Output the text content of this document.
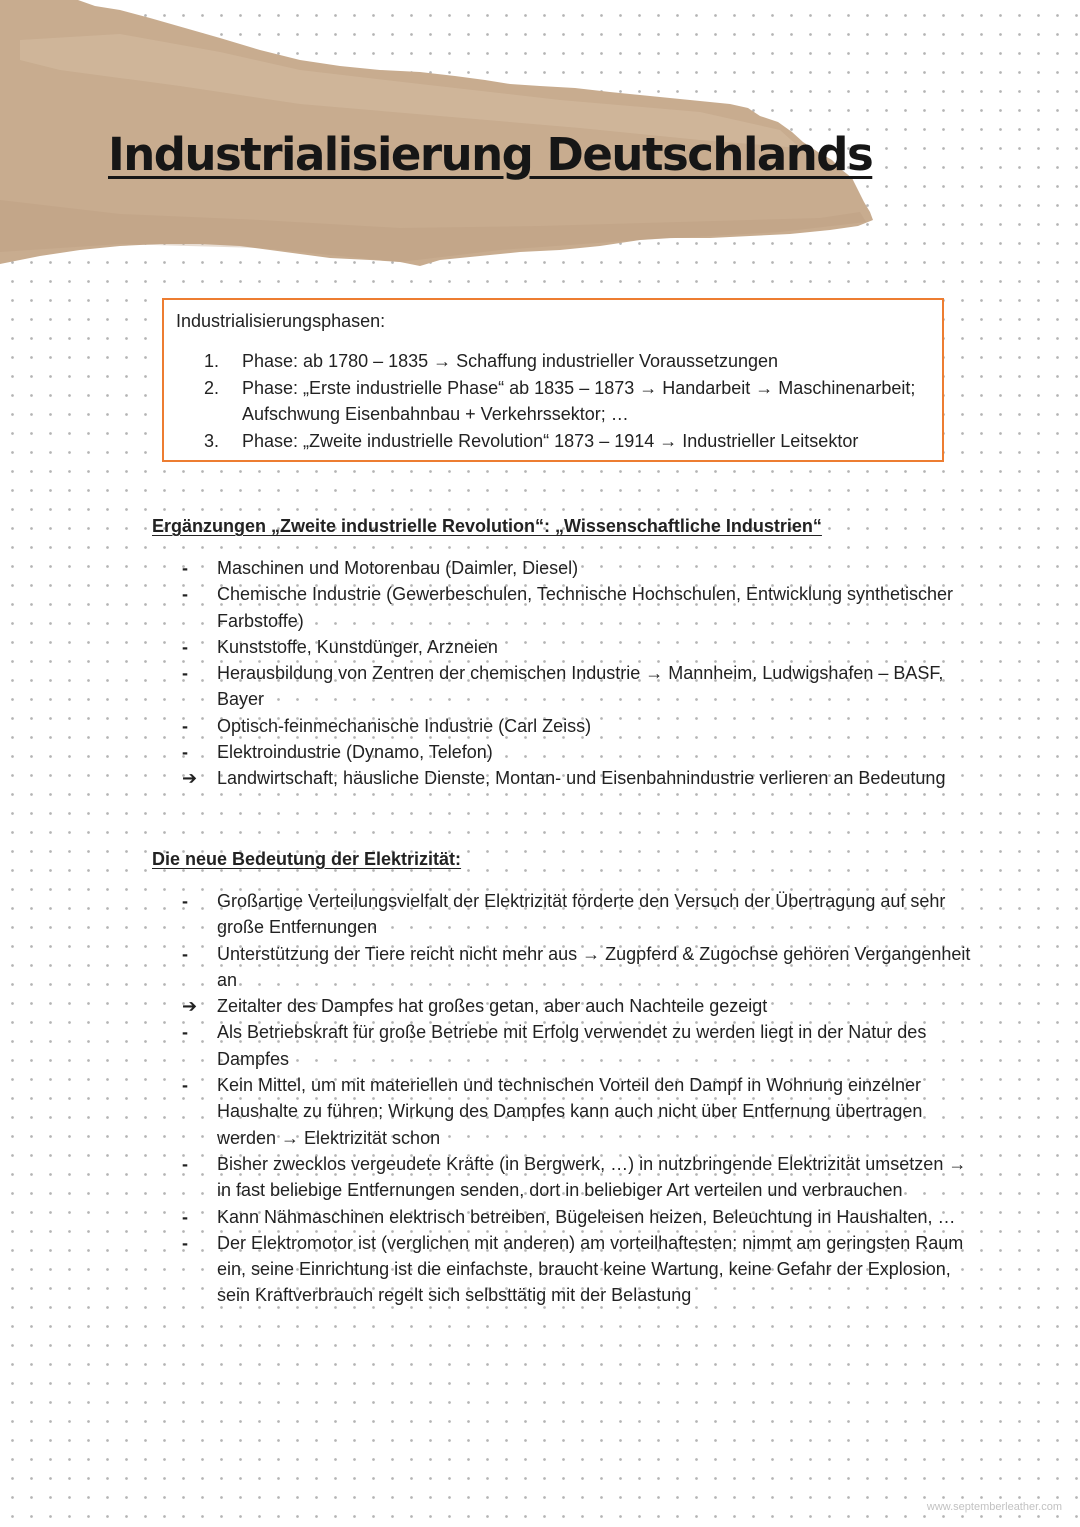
Industrialisierung Deutschlands
Industrialisierungsphasen:
1.	Phase: ab 1780 – 1835 → Schaffung industrieller Voraussetzungen
2.	Phase: „Erste industrielle Phase“ ab 1835 – 1873 → Handarbeit → Maschinenarbeit; Aufschwung Eisenbahnbau + Verkehrssektor; …
3.	Phase: „Zweite industrielle Revolution“ 1873 – 1914 → Industrieller Leitsektor
Ergänzungen „Zweite industrielle Revolution“: „Wissenschaftliche Industrien“
-	Maschinen und Motorenbau (Daimler, Diesel)
-	Chemische Industrie (Gewerbeschulen, Technische Hochschulen, Entwicklung synthetischer Farbstoffe)
-	Kunststoffe, Kunstdünger, Arzneien
-	Herausbildung von Zentren der chemischen Industrie → Mannheim, Ludwigshafen – BASF, Bayer
-	Optisch-feinmechanische Industrie (Carl Zeiss)
-	Elektroindustrie (Dynamo, Telefon)
➔	Landwirtschaft, häusliche Dienste, Montan- und Eisenbahnindustrie verlieren an Bedeutung
Die neue Bedeutung der Elektrizität:
-	Großartige Verteilungsvielfalt der Elektrizität förderte den Versuch der Übertragung auf sehr große Entfernungen
-	Unterstützung der Tiere reicht nicht mehr aus → Zugpferd & Zugochse gehören Vergangenheit an
➔	Zeitalter des Dampfes hat großes getan, aber auch Nachteile gezeigt
-	Als Betriebskraft für große Betriebe mit Erfolg verwendet zu werden liegt in der Natur des Dampfes
-	Kein Mittel, um mit materiellen und technischen Vorteil den Dampf in Wohnung einzelner Haushalte zu führen; Wirkung des Dampfes kann auch nicht über Entfernung übertragen werden → Elektrizität schon
-	Bisher zwecklos vergeudete Kräfte (in Bergwerk, …) in nutzbringende Elektrizität umsetzen → in fast beliebige Entfernungen senden, dort in beliebiger Art verteilen und verbrauchen
-	Kann Nähmaschinen elektrisch betreiben, Bügeleisen heizen, Beleuchtung in Haushalten, …
-	Der Elektromotor ist (verglichen mit anderen) am vorteilhaftesten: nimmt am geringsten Raum ein, seine Einrichtung ist die einfachste, braucht keine Wartung, keine Gefahr der Explosion, sein Kraftverbrauch regelt sich selbsttätig mit der Belastung
www.septemberleather.com
